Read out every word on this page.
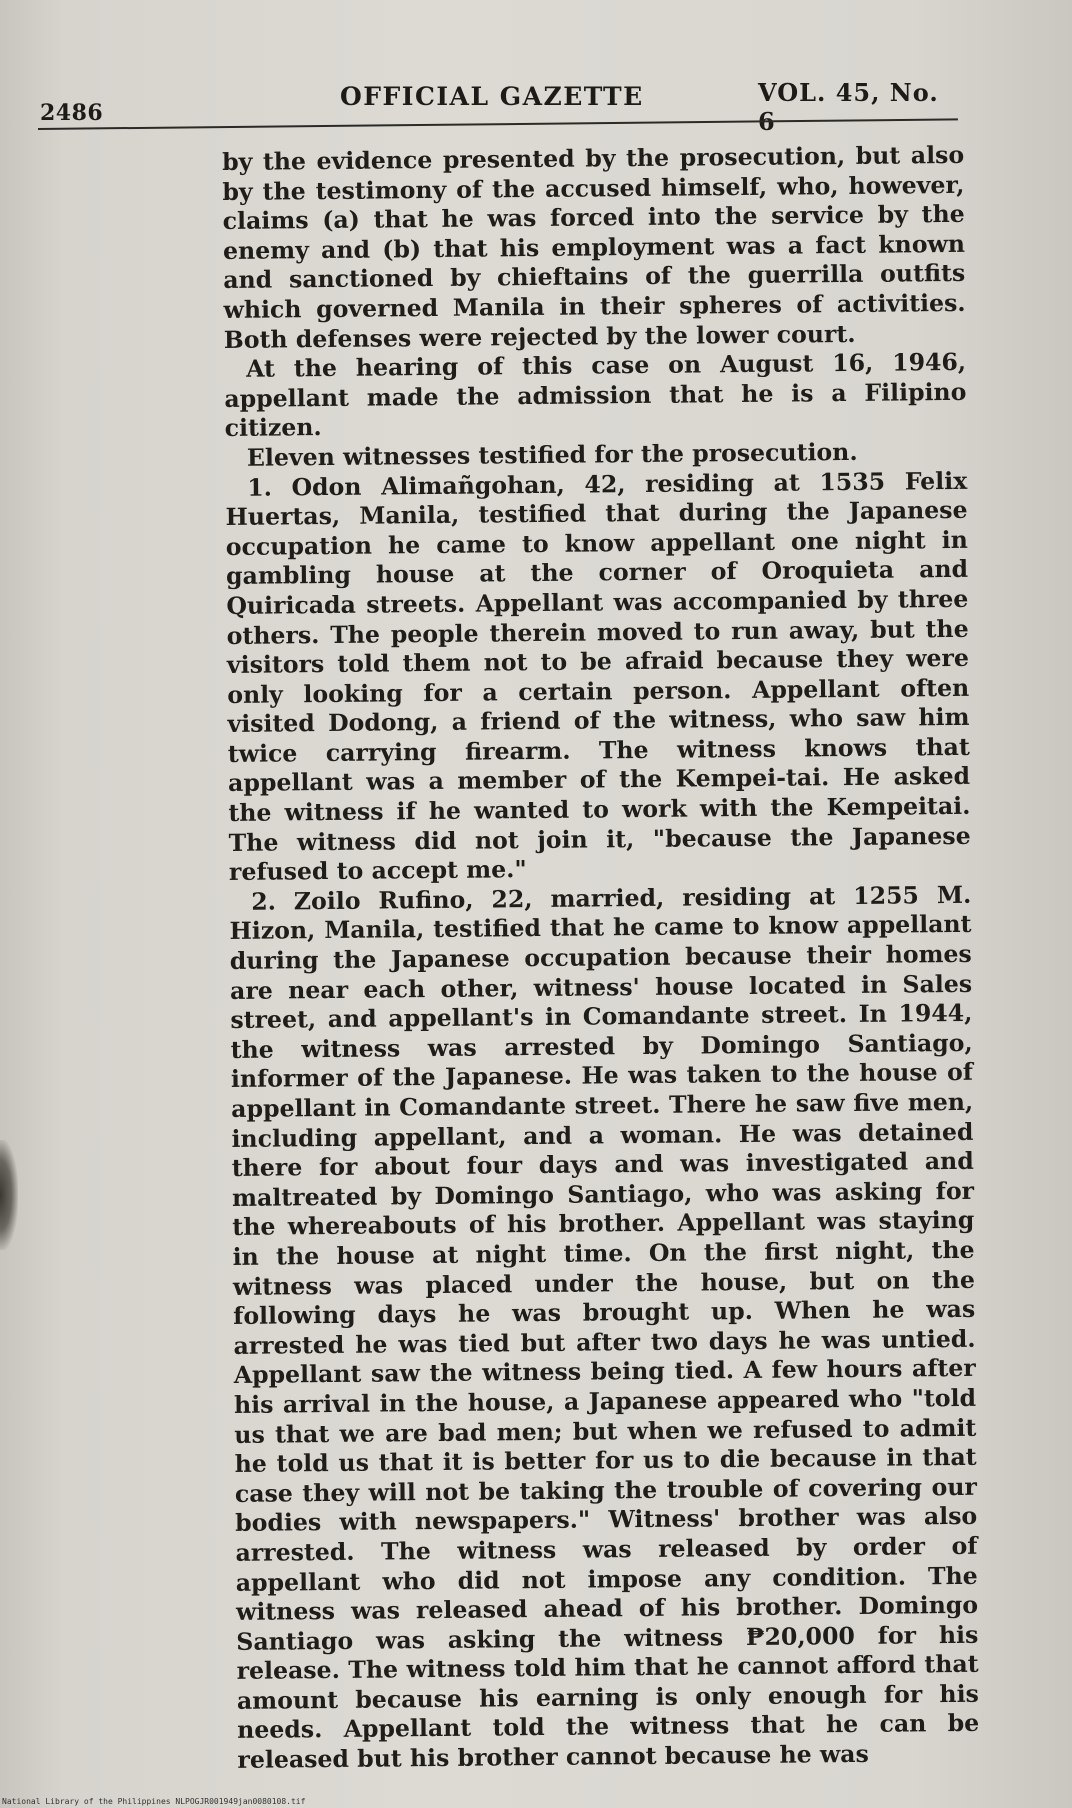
2486
OFFICIAL GAZETTE	VOL. 45, No.

by the evidence presented by the prosecution, but also by the testimony of the accused himself, who, however, claims (a) that he was forced into the service by the enemy and (b) that his employment was a fact known and sanctioned by chieftains of the guerrilla outfits which governed Manila in their spheres of activities. Both defenses were rejected by the lower court.

At the hearing of this case on August 16, 1946, appellant made the admission that he is a Filipino citizen.

Eleven witnesses testified for the prosecution.

1. Odon Alimañgohan, 42, residing at 1535 Felix Huertas, Manila, testified that during the Japanese occupation he came to know appellant one night in gambling house at the corner of Oroquieta and Quiricada streets. Appellant was accompanied by three others. The people therein moved to run away, but the visitors told them not to be afraid because they were only looking for a certain person. Appellant often visited Dodong, a friend of the witness, who saw him twice carrying firearm. The witness knows that appellant was a member of the Kempei-tai. He asked the witness if he wanted to work with the Kempeitai. The witness did not join it, "because the Japanese refused to accept me."

2. Zoilo Rufino, 22, married, residing at 1255 M. Hizon, Manila, testified that he came to know appellant during the Japanese occupation because their homes are near each other, witness' house located in Sales street, and appellant's in Comandante street. In 1944, the witness was arrested by Domingo Santiago, informer of the Japanese. He was taken to the house of appellant in Comandante street. There he saw five men, including appellant, and a woman. He was detained there for about four days and was investigated and maltreated by Domingo Santiago, who was asking for the whereabouts of his brother. Appellant was staying in the house at night time. On the first night, the witness was placed under the house, but on the following days he was brought up. When he was arrested he was tied but after two days he was untied. Appellant saw the witness being tied. A few hours after his arrival in the house, a Japanese appeared who "told us that we are bad men; but when we refused to admit he told us that it is better for us to die because in that case they will not be taking the trouble of covering our bodies with newspapers." Witness' brother was also arrested. The witness was released by order of appellant who did not impose any condition. The witness was released ahead of his brother. Domingo Santiago was asking the witness ₱20,000 for his release. The witness told him that he cannot afford that amount because his earning is only enough for his needs. Appellant told the witness that he can be released but his brother cannot because he was

National Library of the Philippines NLPOGJR001949jan0080108.tif
